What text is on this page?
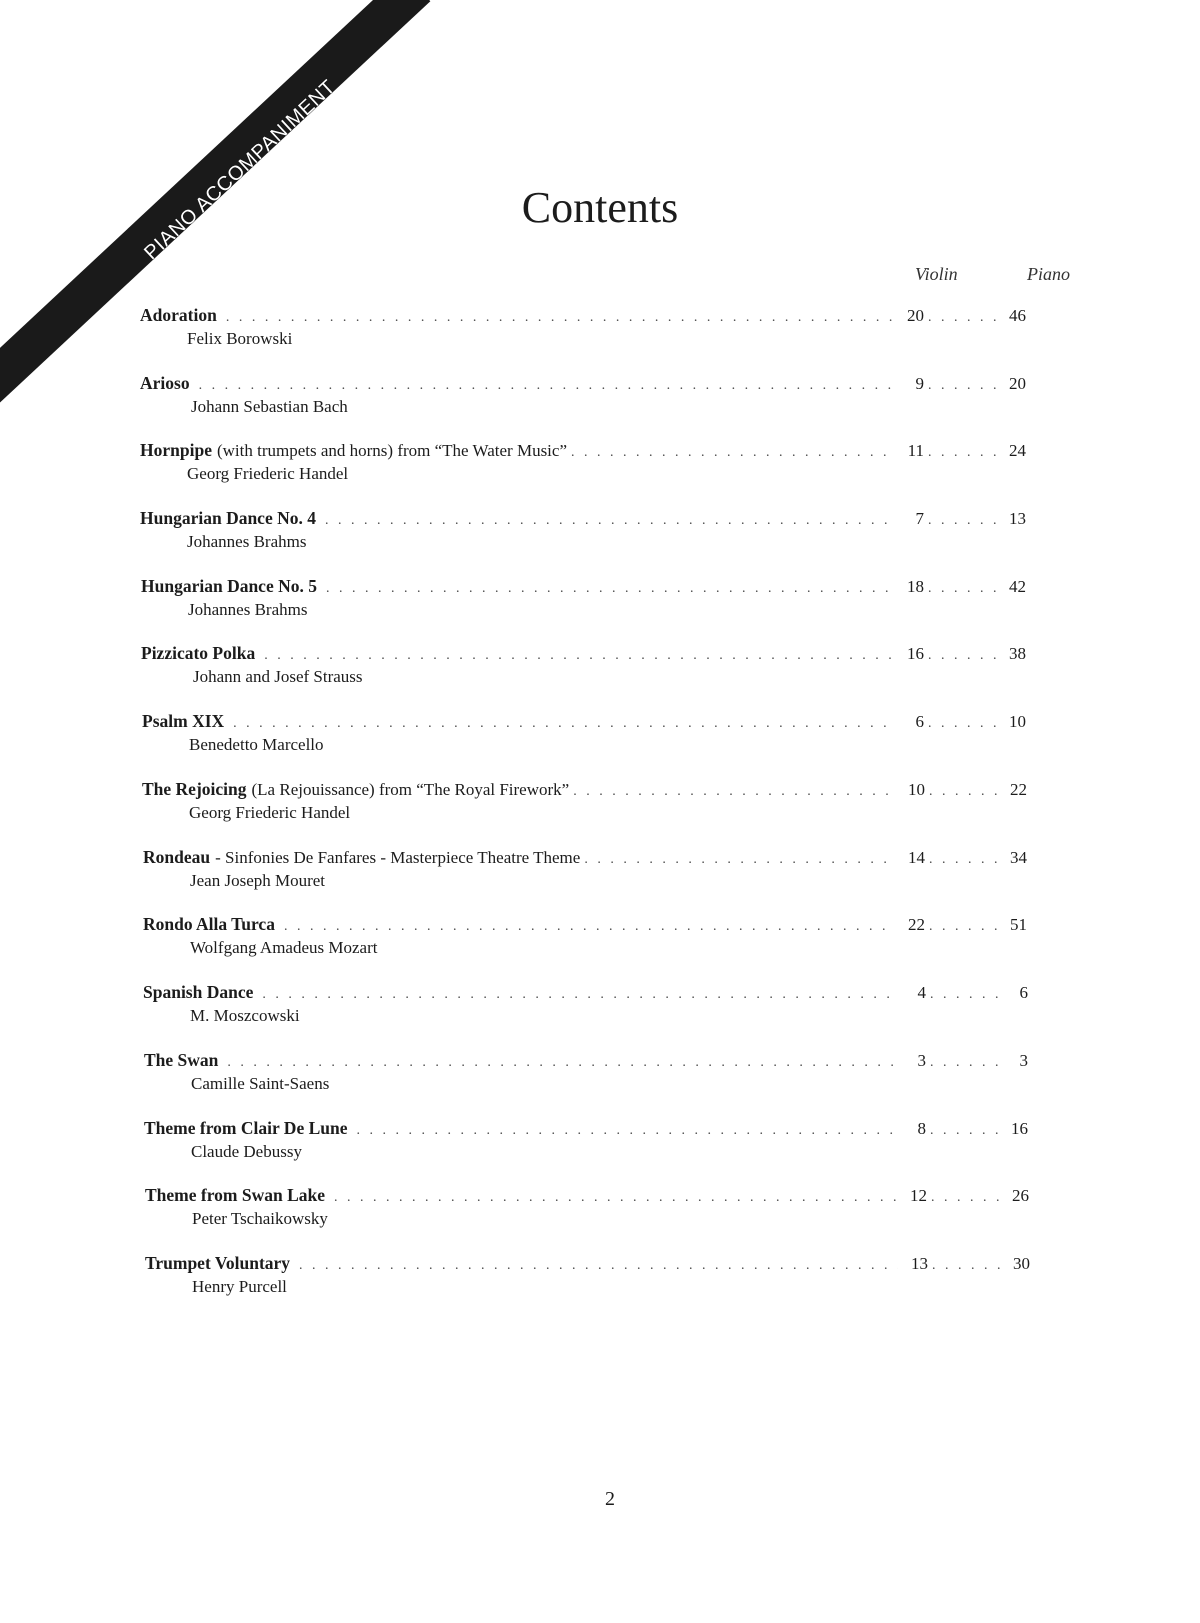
PIANO ACCOMPANIMENT	Contents
Violin	Piano
Adoration . . .	20 . . .	46
Felix Borowski
Arioso . . .	9 . . .	20
Johann Sebastian Bach
Hornpipe (with trumpets and horns) from “The Water Music” . . .	11 . . .	24
Georg Friederic Handel
Hungarian Dance No. 4 . . .	7 . . .	13
Johannes Brahms
Hungarian Dance No. 5 . . .	18 . . .	42
Johannes Brahms
Pizzicato Polka . . .	16 . . .	38
Johann and Josef Strauss
Psalm XIX . . .	6 . . .	10
Benedetto Marcello
The Rejoicing (La Rejouissance) from “The Royal Firework” . . .	10 . . .	22
Georg Friederic Handel
Rondeau - Sinfonies De Fanfares - Masterpiece Theatre Theme . . .	14 . . .	34
Jean Joseph Mouret
Rondo Alla Turca . . .	22 . . .	51
Wolfgang Amadeus Mozart
Spanish Dance . . .	4 . . .	6
M. Moszcowski
The Swan . . .	3 . . .	3
Camille Saint-Saens
Theme from Clair De Lune . . .	8 . . .	16
Claude Debussy
Theme from Swan Lake . . .	12 . . .	26
Peter Tschaikowsky
Trumpet Voluntary . . .	13 . . .	30
Henry Purcell
2
